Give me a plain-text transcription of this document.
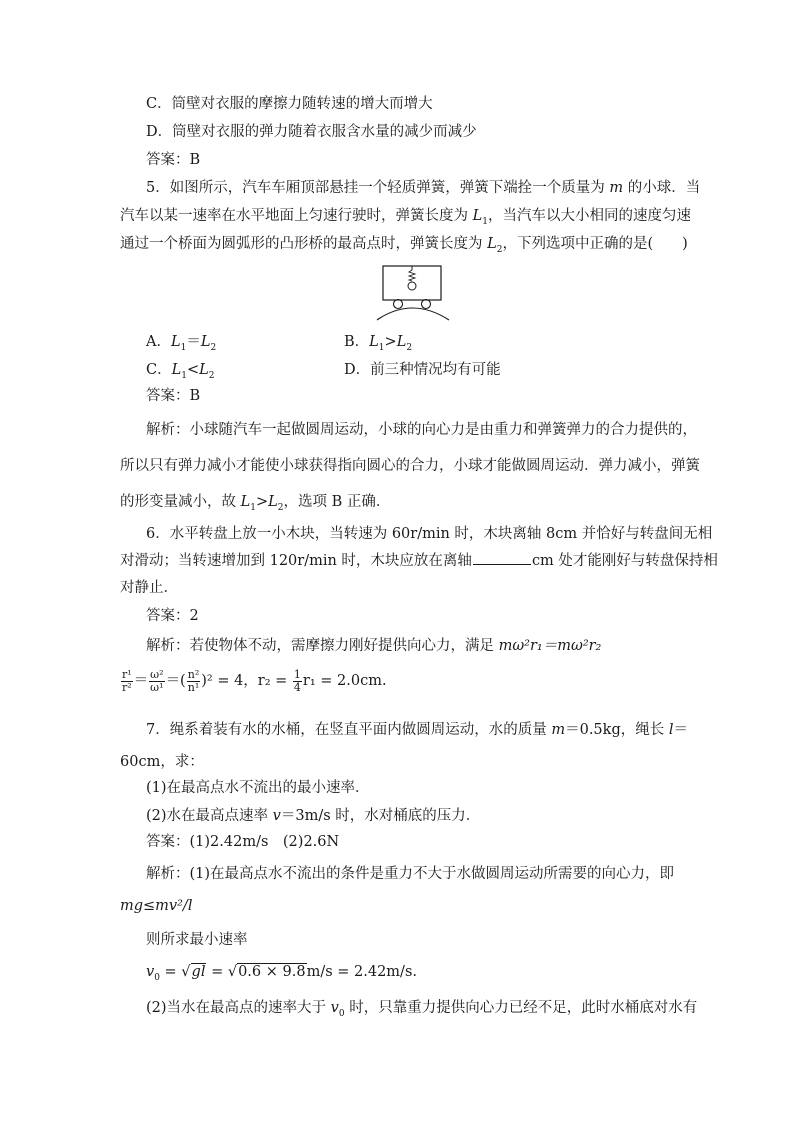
C．筒壁对衣服的摩擦力随转速的增大而增大
D．筒壁对衣服的弹力随着衣服含水量的减少而减少
答案：B
5．如图所示，汽车车厢顶部悬挂一个轻质弹簧，弹簧下端拴一个质量为 m 的小球．当
汽车以某一速率在水平地面上匀速行驶时，弹簧长度为 $L_1$，当汽车以大小相同的速度匀速
通过一个桥面为圆弧形的凸形桥的最高点时，弹簧长度为 $L_2$，下列选项中正确的是(　　)
A．$L_1=L_2$	B．$L_1>L_2$
C．$L_1<L_2$	D．前三种情况均有可能
答案：B
解析：小球随汽车一起做圆周运动，小球的向心力是由重力和弹簧弹力的合力提供的，
所以只有弹力减小才能使小球获得指向圆心的合力，小球才能做圆周运动．弹力减小，弹簧
的形变量减小，故 $L_1>L_2$，选项 B 正确．
6．水平转盘上放一小木块，当转速为 60r/min 时，木块离轴 8cm 并恰好与转盘间无相
对滑动；当转速增加到 120r/min 时，木块应放在离轴	cm 处才能刚好与转盘保持相
对静止．
答案：2
解析：若使物体不动，需摩擦力刚好提供向心力，满足 mω²r₁＝mω²r₂
$\frac{\text{r¹}}{\text{r²}} = \frac{\text{ω²}}{\text{ω¹}}$ ＝( $\frac{\text{n²}}{\text{n¹}} )^2 = 4$，$r_2 = \frac{1}{4} r_1 = 2.0cm$.
7．绳系着装有水的水桶，在竖直平面内做圆周运动，水的质量 m＝0.5kg，绳长 l＝
60cm，求：
(1)在最高点水不流出的最小速率．
(2)水在最高点速率 v＝3m/s 时，水对桶底的压力．
答案：(1)2.42m/s　(2)2.6N
解析：(1)在最高点水不流出的条件是重力不大于水做圆周运动所需要的向心力，即
mg≤mv²/l
则所求最小速率
$v_0 = √gl = √0.6 \times 9.8m/s = 2.42m/s$.
(2)当水在最高点的速率大于 $v_0$ 时，只靠重力提供向心力已经不足，此时水桶底对水有
